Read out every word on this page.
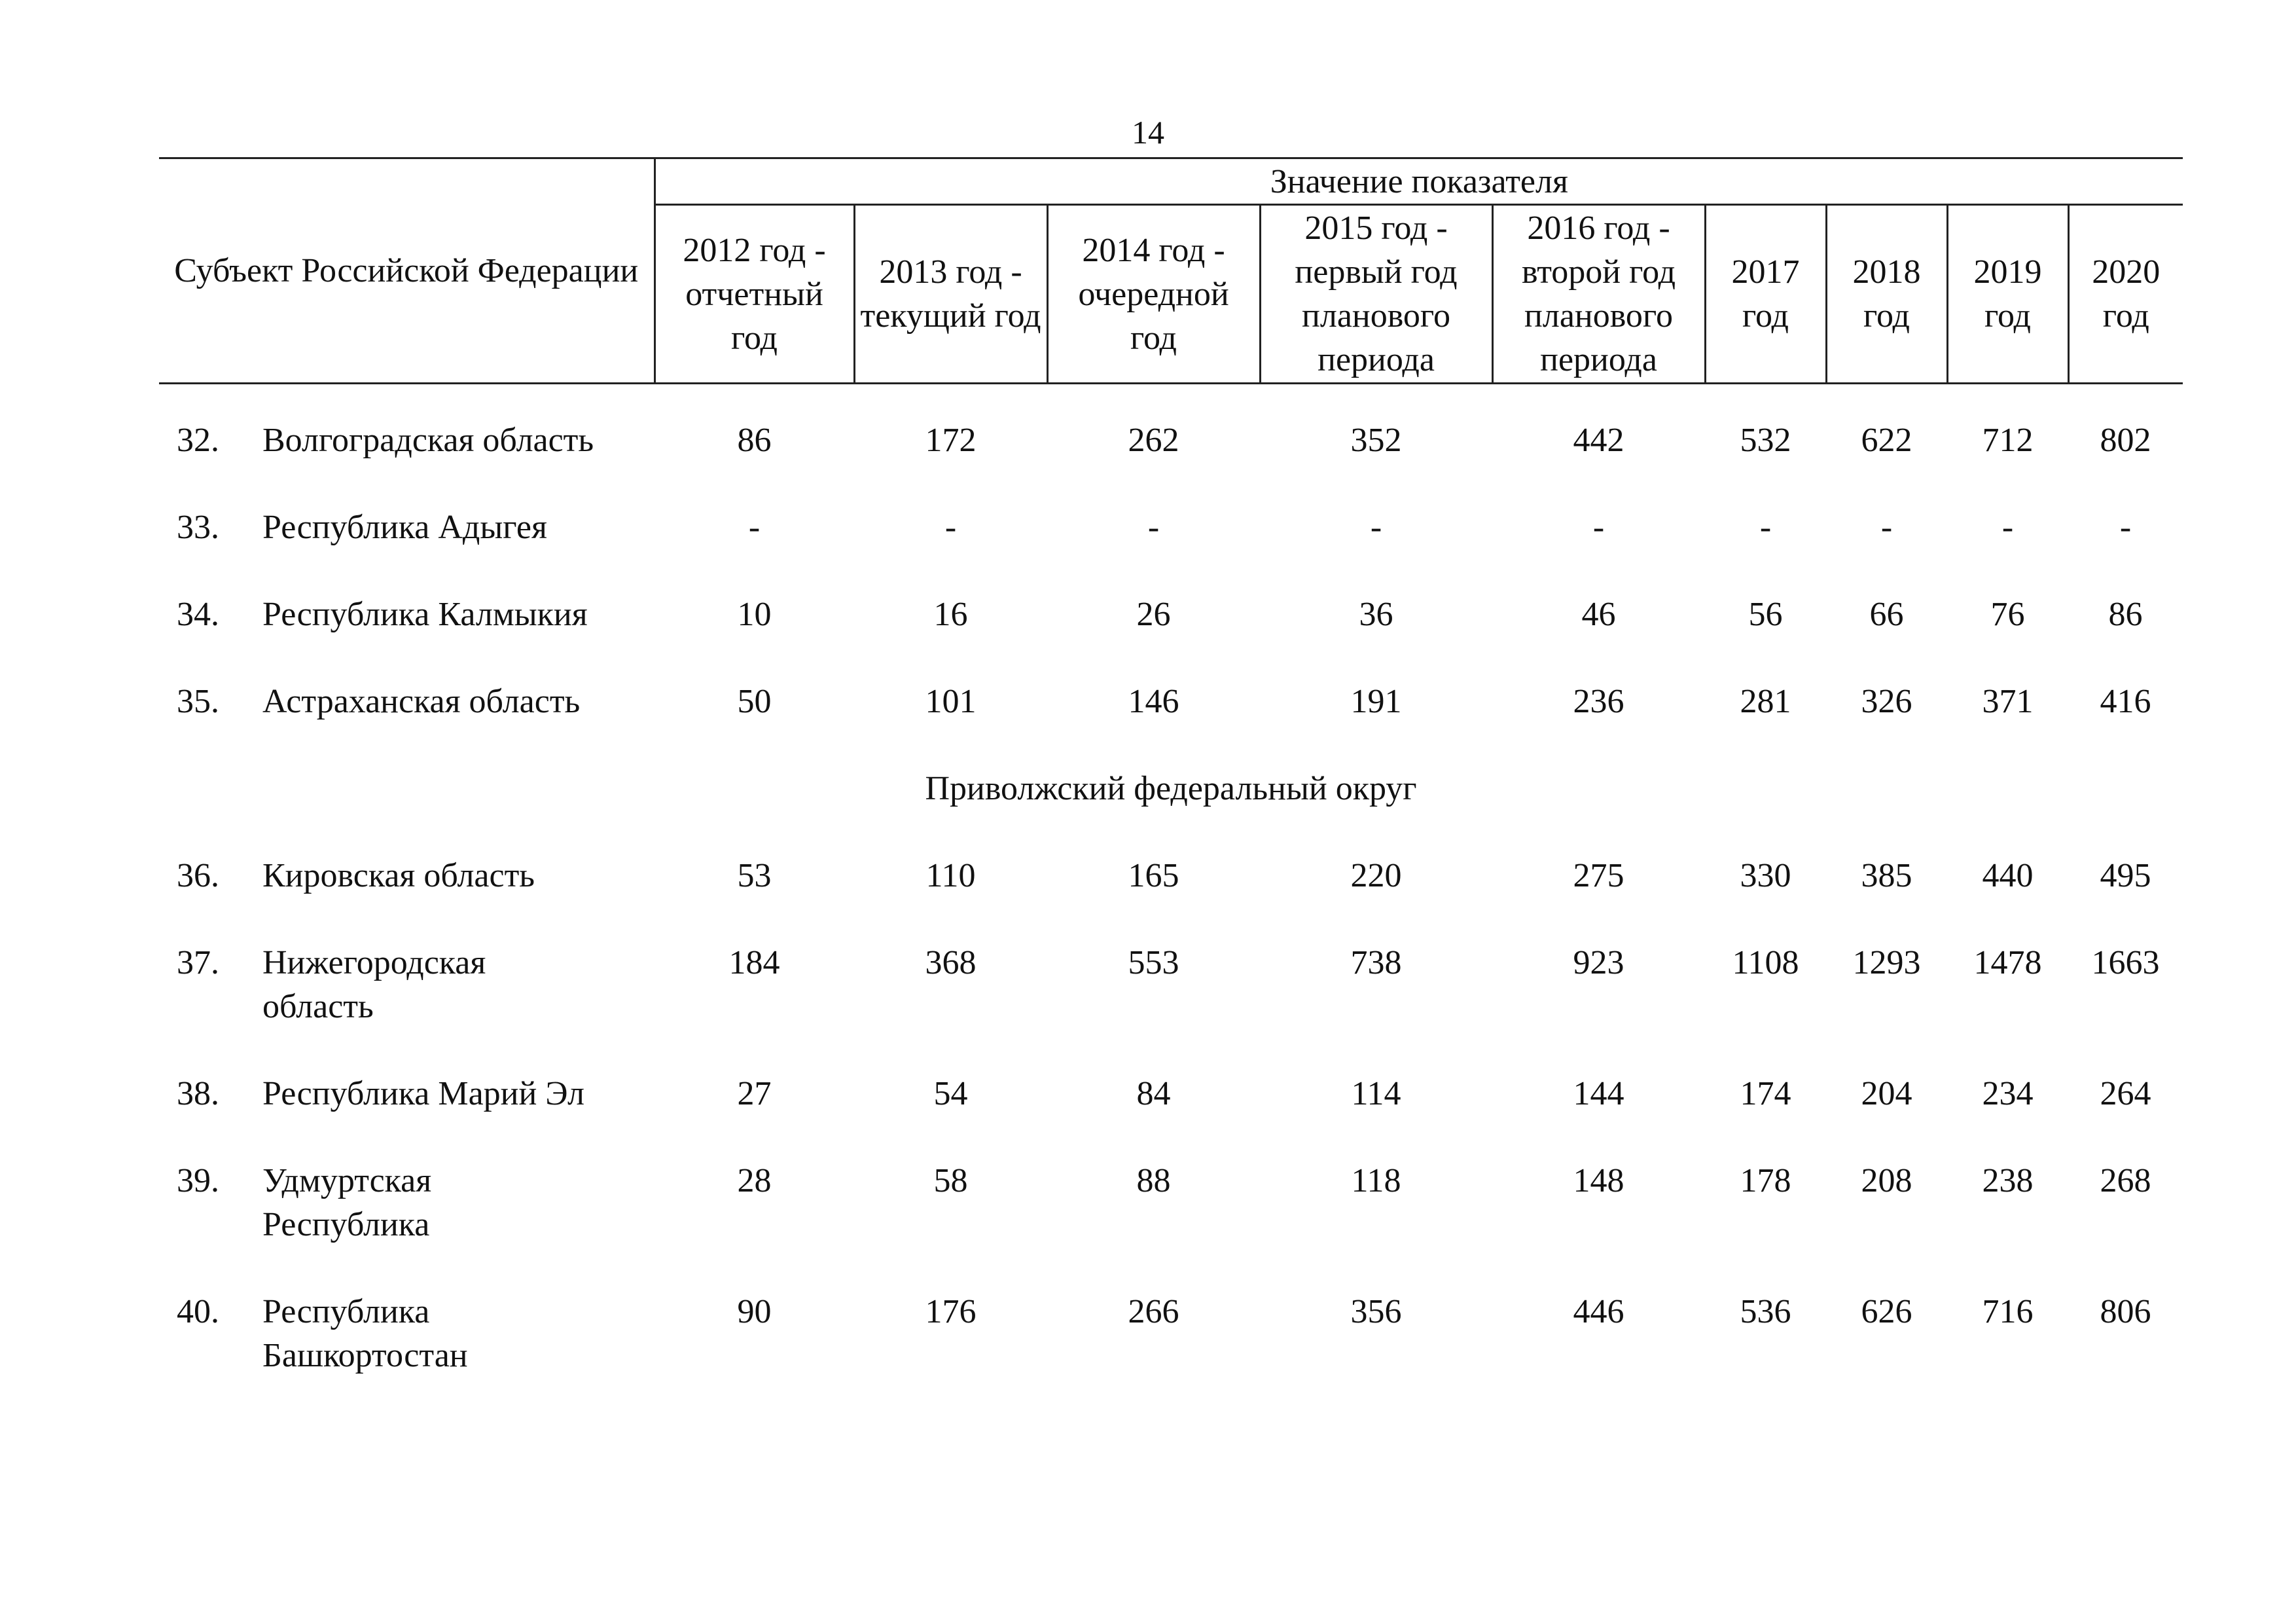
14
Субъект Российской Федерации		Значение показателя								
		2012 год - отчетный год	2013 год - текущий год	2014 год - очередной год	2015 год - первый год планового периода	2016 год - второй год планового периода	2017 год	2018 год	2019 год	2020 год

32.	Волгоградская область	86	172	262	352	442	532	622	712	802
33.	Республика Адыгея	-	-	-	-	-	-	-	-	-
34.	Республика Калмыкия	10	16	26	36	46	56	66	76	86
35.	Астраханская область	50	101	146	191	236	281	326	371	416
Приволжский федеральный округ										
36.	Кировская область	53	110	165	220	275	330	385	440	495
37.	Нижегородская область	184	368	553	738	923	1108	1293	1478	1663
38.	Республика Марий Эл	27	54	84	114	144	174	204	234	264
39.	Удмуртская Республика	28	58	88	118	148	178	208	238	268
40.	Республика Башкортостан	90	176	266	356	446	536	626	716	806
